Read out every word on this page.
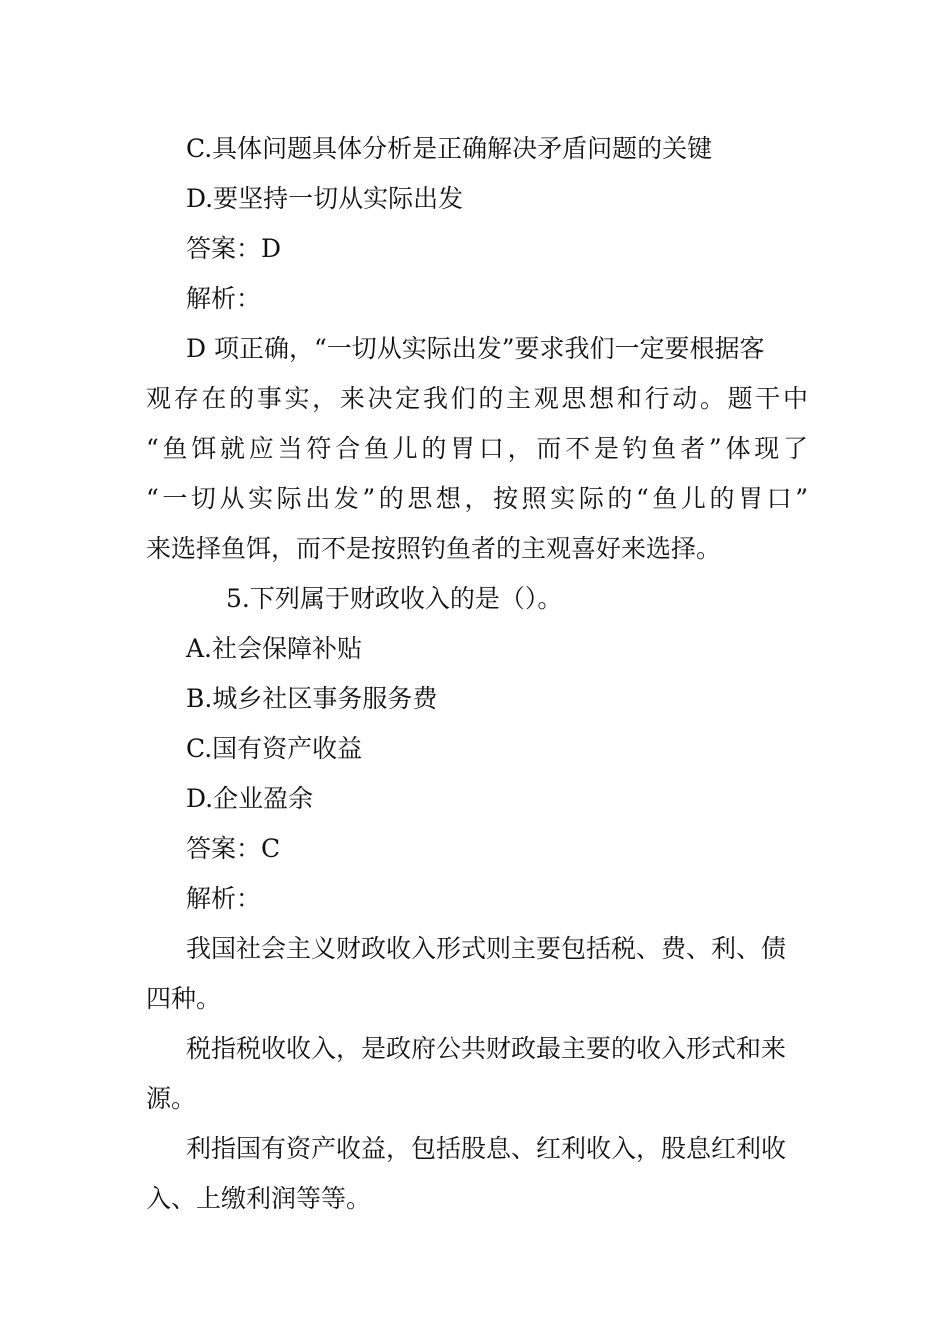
C.具体问题具体分析是正确解决矛盾问题的关键
D.要坚持一切从实际出发
答案：D
解析：
D 项正确，“一切从实际出发”要求我们一定要根据客
观存在的事实，来决定我们的主观思想和行动。题干中
“鱼饵就应当符合鱼儿的胃口，而不是钓鱼者”体现了
“一切从实际出发”的思想，按照实际的“鱼儿的胃口”
来选择鱼饵，而不是按照钓鱼者的主观喜好来选择。
5.下列属于财政收入的是（）。
A.社会保障补贴
B.城乡社区事务服务费
C.国有资产收益
D.企业盈余
答案：C
解析：
我国社会主义财政收入形式则主要包括税、费、利、债
四种。
税指税收收入，是政府公共财政最主要的收入形式和来
源。
利指国有资产收益，包括股息、红利收入，股息红利收
入、上缴利润等等。
